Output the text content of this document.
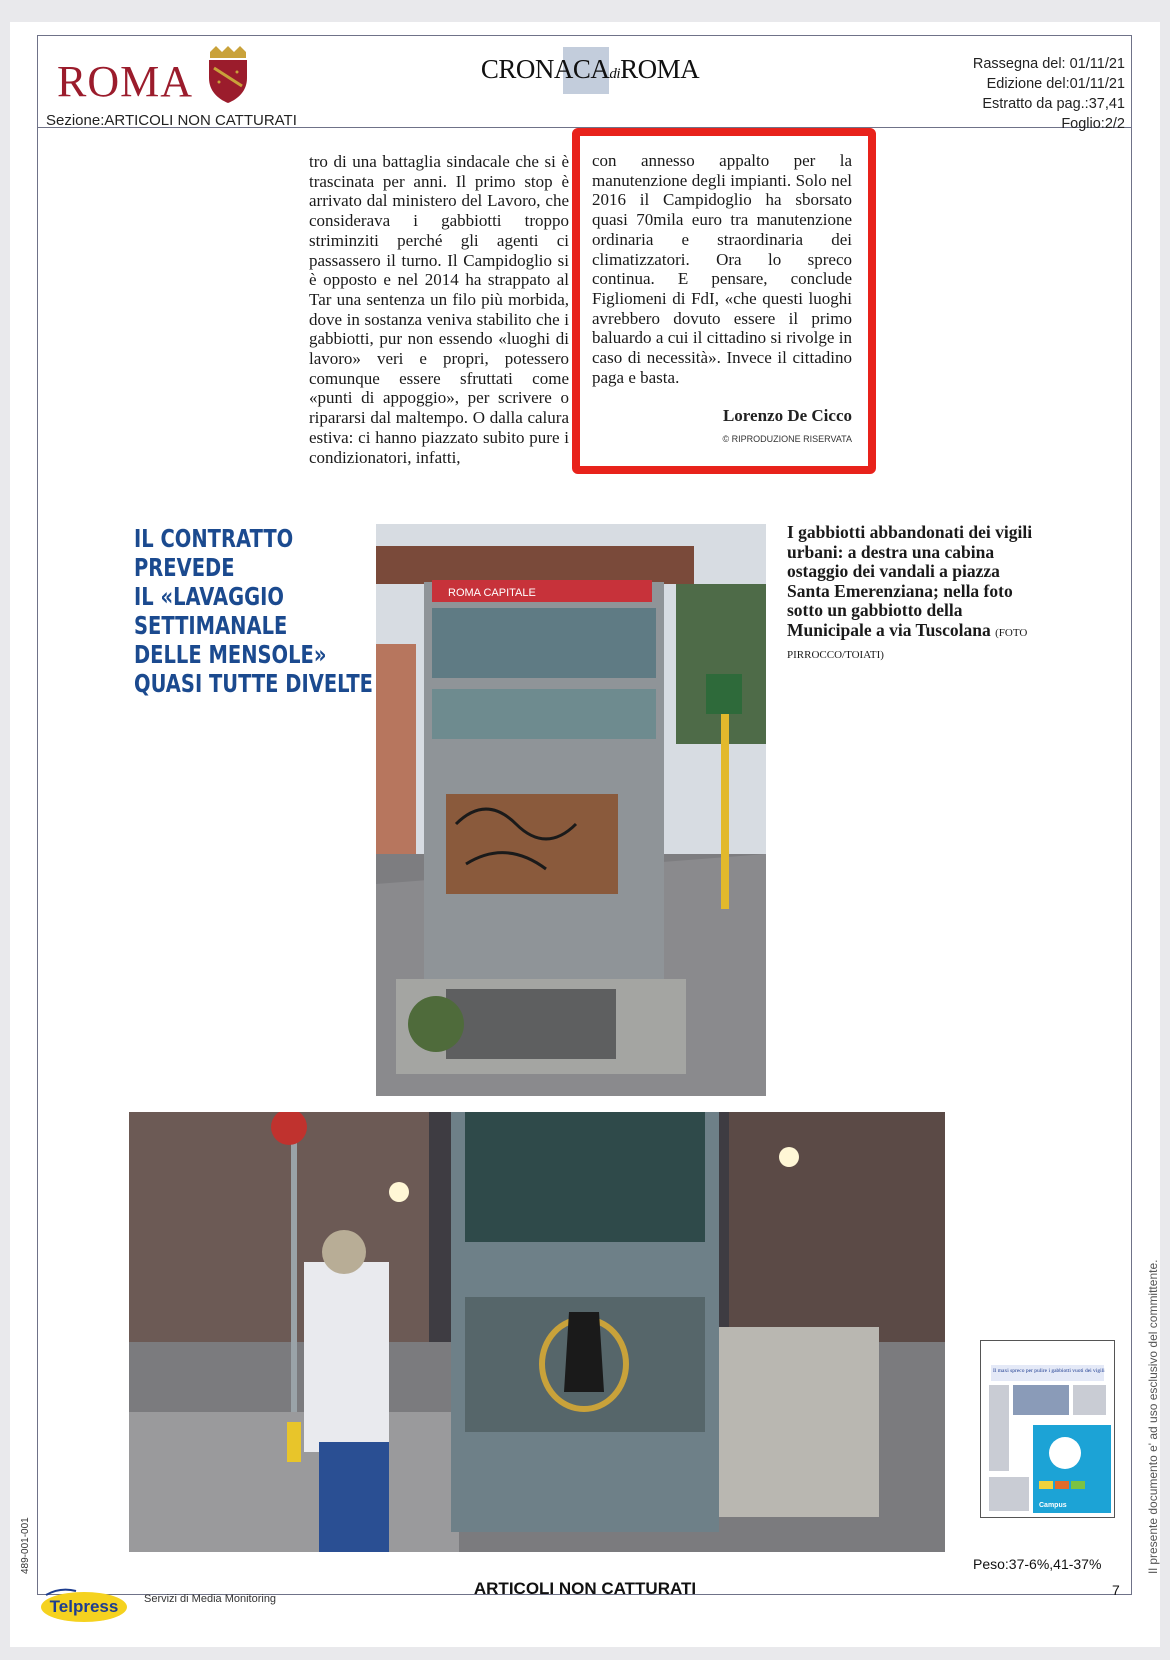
ROMA
Sezione:ARTICOLI NON CATTURATI
CRONACAdiROMA	Rassegna del: 01/11/21
Edizione del:01/11/21
Estratto da pag.:37,41
Foglio:2/2
tro di una battaglia sindacale che si è trascinata per anni. Il primo stop è arrivato dal ministero del Lavoro, che considerava i gabbiotti troppo striminziti perché gli agenti ci passassero il turno. Il Campidoglio si è opposto e nel 2014 ha strappato al Tar una sentenza un filo più morbida, dove in sostanza veniva stabilito che i gabbiotti, pur non essendo «luoghi di lavoro» veri e propri, potessero comunque essere sfruttati come «punti di appoggio», per scrivere o ripararsi dal maltempo. O dalla calura estiva: ci hanno piazzato subito pure i condizionatori, infatti,
con annesso appalto per la manutenzione degli impianti. Solo nel 2016 il Campidoglio ha sborsato quasi 70mila euro tra manutenzione ordinaria e straordinaria dei climatizzatori. Ora lo spreco continua. E pensare, conclude Figliomeni di FdI, «che questi luoghi avrebbero dovuto essere il primo baluardo a cui il cittadino si rivolge in caso di necessità». Invece il cittadino paga e basta.
Lorenzo De Cicco
© RIPRODUZIONE RISERVATA
IL CONTRATTO
PREVEDE
IL «LAVAGGIO
SETTIMANALE
DELLE MENSOLE»
QUASI TUTTE DIVELTE
ROMA CAPITALE
I gabbiotti abbandonati dei vigili urbani: a destra una cabina ostaggio dei vandali a piazza Santa Emerenziana; nella foto sotto un gabbiotto della Municipale a via Tuscolana (FOTO PIRROCCO/TOIATI)
Il maxi spreco per pulire i gabbiotti vuoti dei vigili
Campus
Peso:37-6%,41-37%	Il presente documento e' ad uso esclusivo del committente.
489-001-001
Telpress Servizi di Media Monitoring
ARTICOLI NON CATTURATI	7
